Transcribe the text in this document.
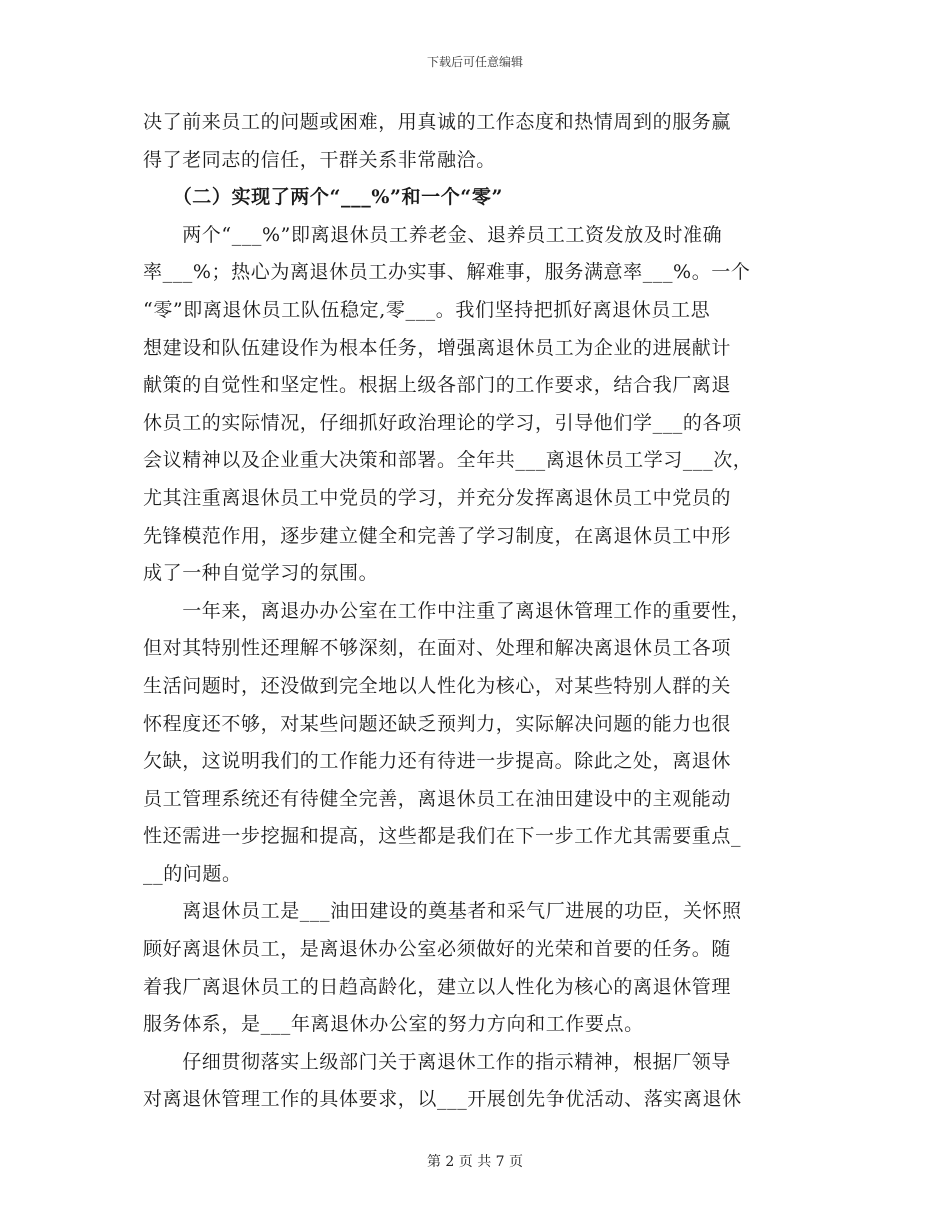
下载后可任意编辑
决了前来员工的问题或困难，用真诚的工作态度和热情周到的服务赢
得了老同志的信任，干群关系非常融洽。
　　（二）实现了两个“___%”和一个“零”
　　两个“___%”即离退休员工养老金、退养员工工资发放及时准确
率___%；热心为离退休员工办实事、解难事，服务满意率___%。一个
“零”即离退休员工队伍稳定,零___。我们坚持把抓好离退休员工思
想建设和队伍建设作为根本任务，增强离退休员工为企业的进展献计
献策的自觉性和坚定性。根据上级各部门的工作要求，结合我厂离退
休员工的实际情况，仔细抓好政治理论的学习，引导他们学___的各项
会议精神以及企业重大决策和部署。全年共___离退休员工学习___次，
尤其注重离退休员工中党员的学习，并充分发挥离退休员工中党员的
先锋模范作用，逐步建立健全和完善了学习制度，在离退休员工中形
成了一种自觉学习的氛围。
　　一年来，离退办办公室在工作中注重了离退休管理工作的重要性，
但对其特别性还理解不够深刻，在面对、处理和解决离退休员工各项
生活问题时，还没做到完全地以人性化为核心，对某些特别人群的关
怀程度还不够，对某些问题还缺乏预判力，实际解决问题的能力也很
欠缺，这说明我们的工作能力还有待进一步提高。除此之处，离退休
员工管理系统还有待健全完善，离退休员工在油田建设中的主观能动
性还需进一步挖掘和提高，这些都是我们在下一步工作尤其需要重点_
__的问题。
　　离退休员工是___油田建设的奠基者和采气厂进展的功臣，关怀照
顾好离退休员工，是离退休办公室必须做好的光荣和首要的任务。随
着我厂离退休员工的日趋高龄化，建立以人性化为核心的离退休管理
服务体系，是___年离退休办公室的努力方向和工作要点。
　　仔细贯彻落实上级部门关于离退休工作的指示精神，根据厂领导
对离退休管理工作的具体要求，以___开展创先争优活动、落实离退休
第 2 页 共 7 页
